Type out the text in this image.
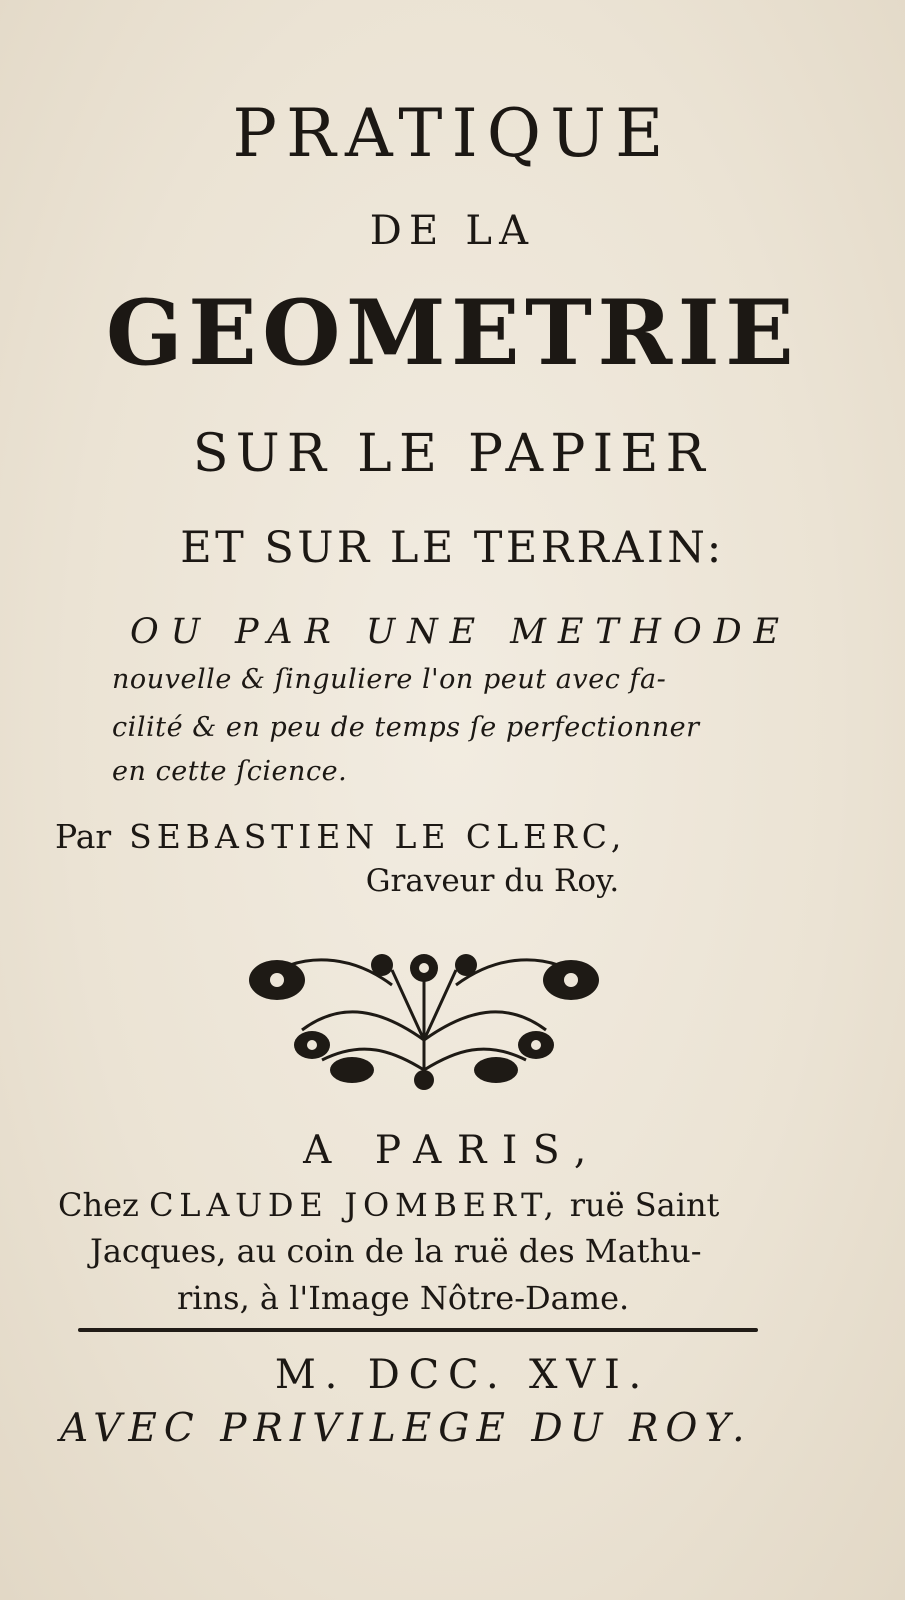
PRATIQUE
DE LA
GEOMETRIE
SUR LE PAPIER
ET SUR LE TERRAIN:
OU PAR UNE METHODE
nouvelle & ſinguliere l'on peut avec fa-
cilité & en peu de temps ſe perfectionner
en cette ſcience.
Par SEBASTIEN LE CLERC,
Graveur du Roy.
A PARIS,
Chez CLAUDE JOMBERT, ruë Saint
Jacques, au coin de la ruë des Mathu-
rins, à l'Image Nôtre-Dame.
M. DCC. XVI.
AVEC PRIVILEGE DU ROY.
